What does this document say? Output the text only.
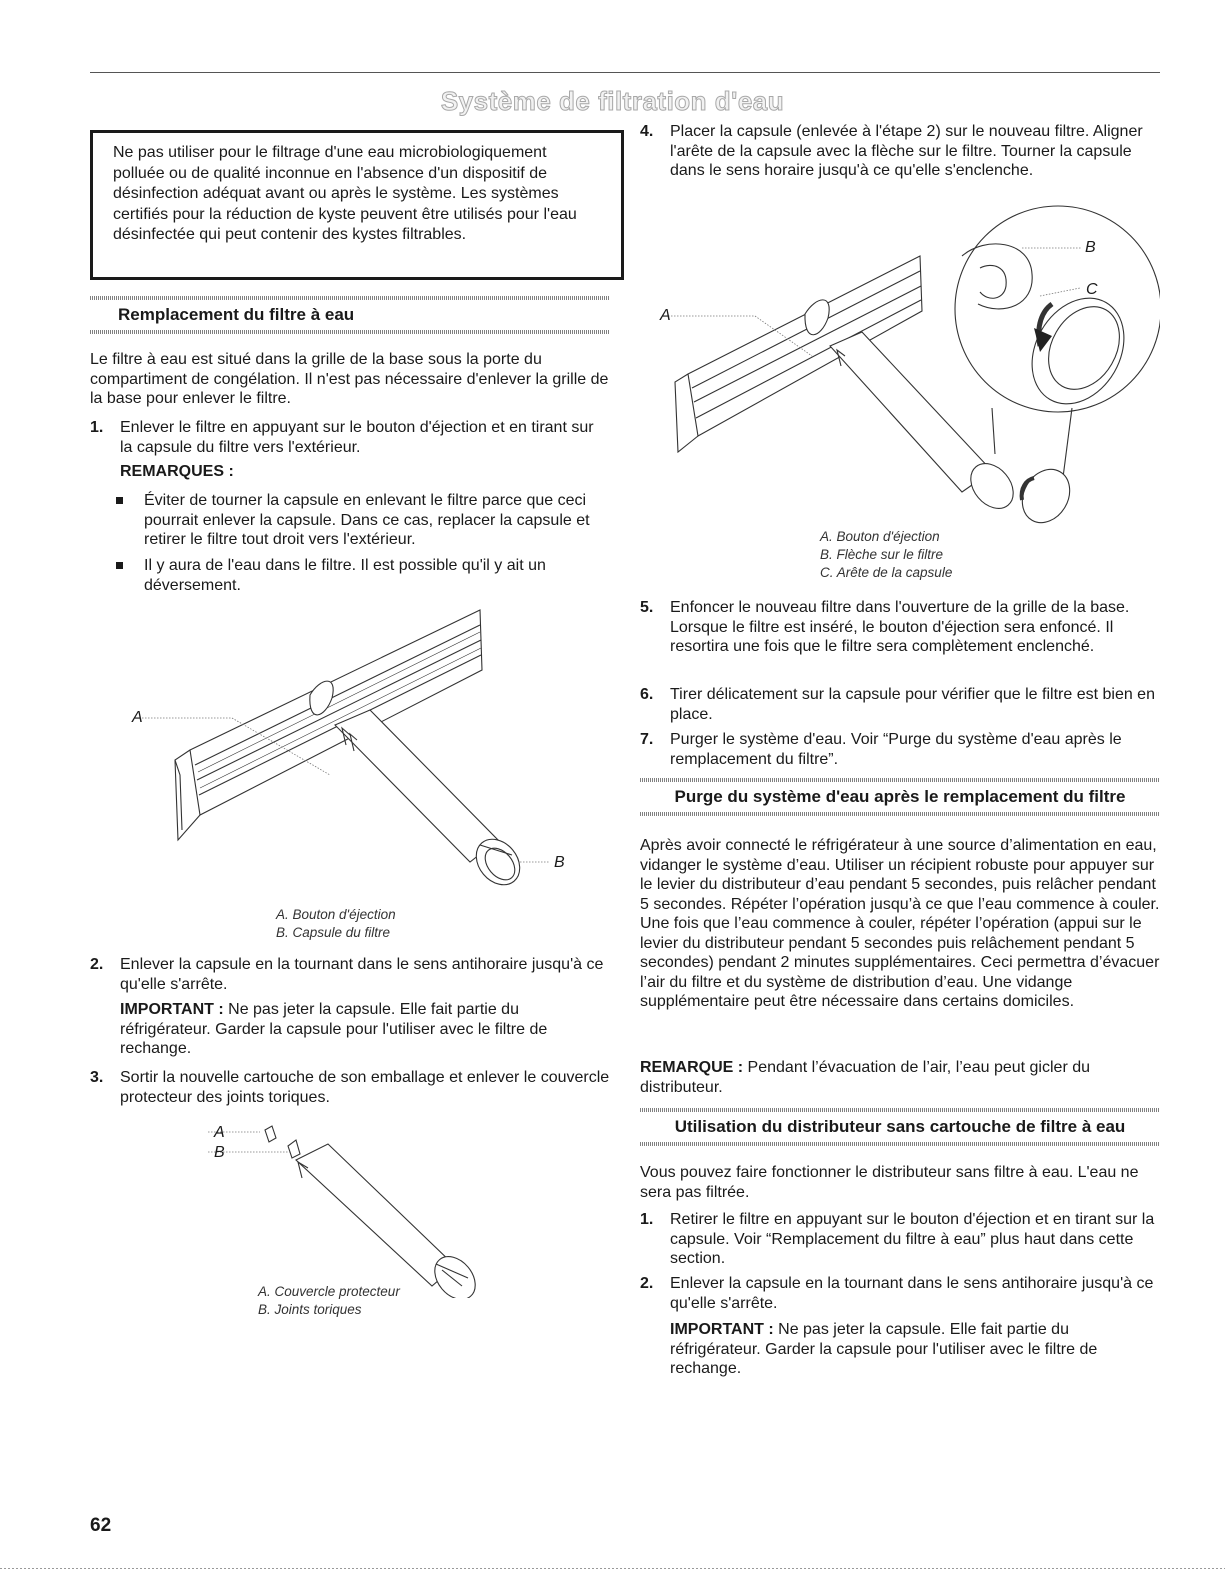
Système de filtration d'eau

Ne pas utiliser pour le filtrage d'une eau microbiologiquement polluée ou de qualité inconnue en l'absence d'un dispositif de désinfection adéquat avant ou après le système. Les systèmes certifiés pour la réduction de kyste peuvent être utilisés pour l'eau désinfectée qui peut contenir des kystes filtrables.

Remplacement du filtre à eau

Le filtre à eau est situé dans la grille de la base sous la porte du compartiment de congélation. Il n'est pas nécessaire d'enlever la grille de la base pour enlever le filtre.

1. Enlever le filtre en appuyant sur le bouton d'éjection et en tirant sur la capsule du filtre vers l'extérieur.

REMARQUES :

Éviter de tourner la capsule en enlevant le filtre parce que ceci pourrait enlever la capsule. Dans ce cas, replacer la capsule et retirer le filtre tout droit vers l'extérieur.

Il y aura de l'eau dans le filtre. Il est possible qu'il y ait un déversement.

A
B
A. Bouton d'éjection
B. Capsule du filtre
2. Enlever la capsule en la tournant dans le sens antihoraire jusqu'à ce qu'elle s'arrête.

IMPORTANT : Ne pas jeter la capsule. Elle fait partie du réfrigérateur. Garder la capsule pour l'utiliser avec le filtre de rechange.

3. Sortir la nouvelle cartouche de son emballage et enlever le couvercle protecteur des joints toriques.

A
B
A. Couvercle protecteur
B. Joints toriques
4. Placer la capsule (enlevée à l'étape 2) sur le nouveau filtre. Aligner l'arête de la capsule avec la flèche sur le filtre. Tourner la capsule dans le sens horaire jusqu'à ce qu'elle s'enclenche.

A
B
C
A. Bouton d'éjection
B. Flèche sur le filtre
C. Arête de la capsule
5. Enfoncer le nouveau filtre dans l'ouverture de la grille de la base. Lorsque le filtre est inséré, le bouton d'éjection sera enfoncé. Il resortira une fois que le filtre sera complètement enclenché.

6. Tirer délicatement sur la capsule pour vérifier que le filtre est bien en place.

7. Purger le système d'eau. Voir “Purge du système d'eau après le remplacement du filtre”.

Purge du système d'eau après le remplacement du filtre

Après avoir connecté le réfrigérateur à une source d’alimentation en eau, vidanger le système d’eau. Utiliser un récipient robuste pour appuyer sur le levier du distributeur d’eau pendant 5 secondes, puis relâcher pendant 5 secondes. Répéter l’opération jusqu’à ce que l’eau commence à couler. Une fois que l’eau commence à couler, répéter l’opération (appui sur le levier du distributeur pendant 5 secondes puis relâchement pendant 5 secondes) pendant 2 minutes supplémentaires. Ceci permettra d’évacuer l’air du filtre et du système de distribution d’eau. Une vidange supplémentaire peut être nécessaire dans certains domiciles.

REMARQUE : Pendant l’évacuation de l’air, l’eau peut gicler du distributeur.

Utilisation du distributeur sans cartouche de filtre à eau

Vous pouvez faire fonctionner le distributeur sans filtre à eau. L'eau ne sera pas filtrée.

1. Retirer le filtre en appuyant sur le bouton d'éjection et en tirant sur la capsule. Voir “Remplacement du filtre à eau” plus haut dans cette section.

2. Enlever la capsule en la tournant dans le sens antihoraire jusqu'à ce qu'elle s'arrête.

IMPORTANT : Ne pas jeter la capsule. Elle fait partie du réfrigérateur. Garder la capsule pour l'utiliser avec le filtre de rechange.

62
